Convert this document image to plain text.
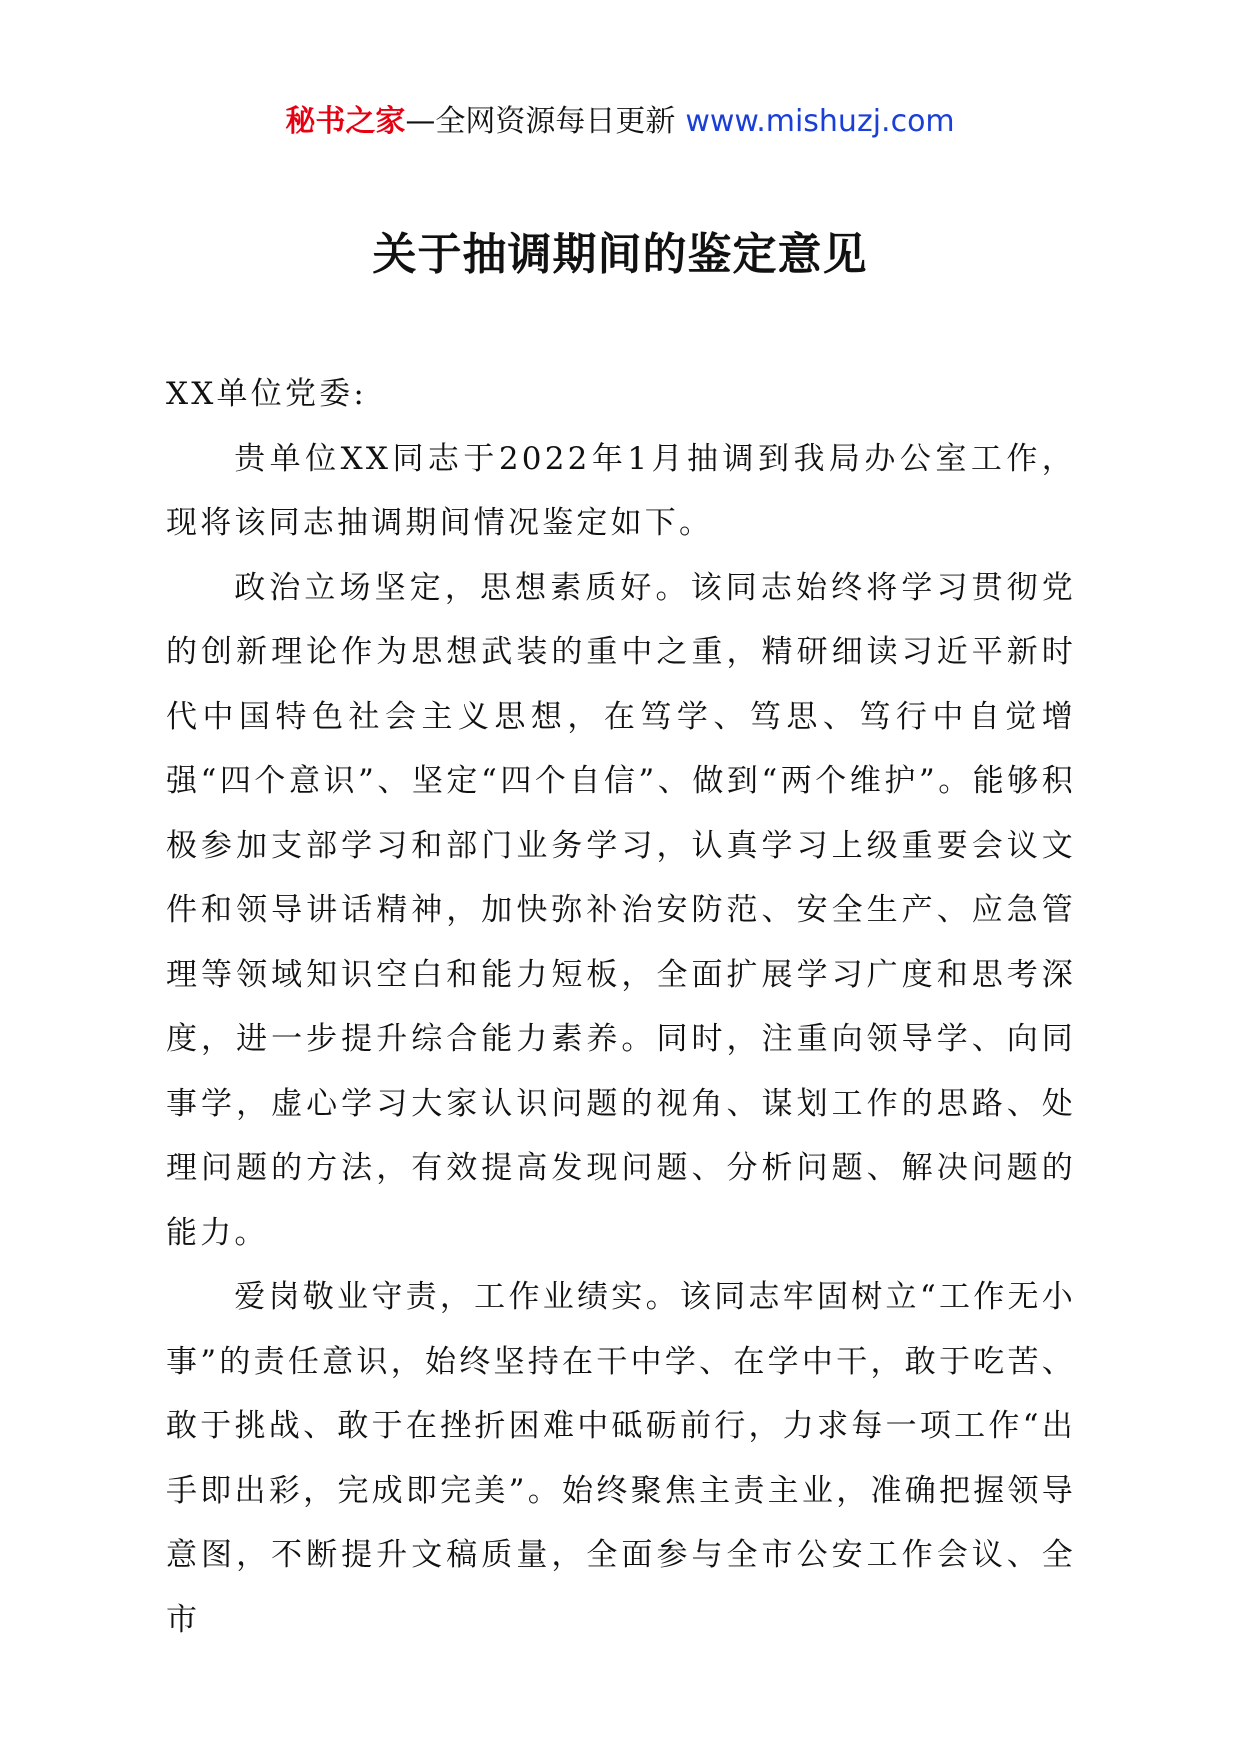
秘书之家—全网资源每日更新 www.mishuzj.com
关于抽调期间的鉴定意见

XX单位党委:

贵单位XX同志于2022年1月抽调到我局办公室工作，现将该同志抽调期间情况鉴定如下。

政治立场坚定，思想素质好。该同志始终将学习贯彻党的创新理论作为思想武装的重中之重，精研细读习近平新时代中国特色社会主义思想，在笃学、笃思、笃行中自觉增强“四个意识”、坚定“四个自信”、做到“两个维护”。能够积极参加支部学习和部门业务学习，认真学习上级重要会议文件和领导讲话精神，加快弥补治安防范、安全生产、应急管理等领域知识空白和能力短板，全面扩展学习广度和思考深度，进一步提升综合能力素养。同时，注重向领导学、向同事学，虚心学习大家认识问题的视角、谋划工作的思路、处理问题的方法，有效提高发现问题、分析问题、解决问题的能力。

爱岗敬业守责，工作业绩实。该同志牢固树立“工作无小事”的责任意识，始终坚持在干中学、在学中干，敢于吃苦、敢于挑战、敢于在挫折困难中砥砺前行，力求每一项工作“出手即出彩，完成即完美”。始终聚焦主责主业，准确把握领导意图，不断提升文稿质量，全面参与全市公安工作会议、全市
